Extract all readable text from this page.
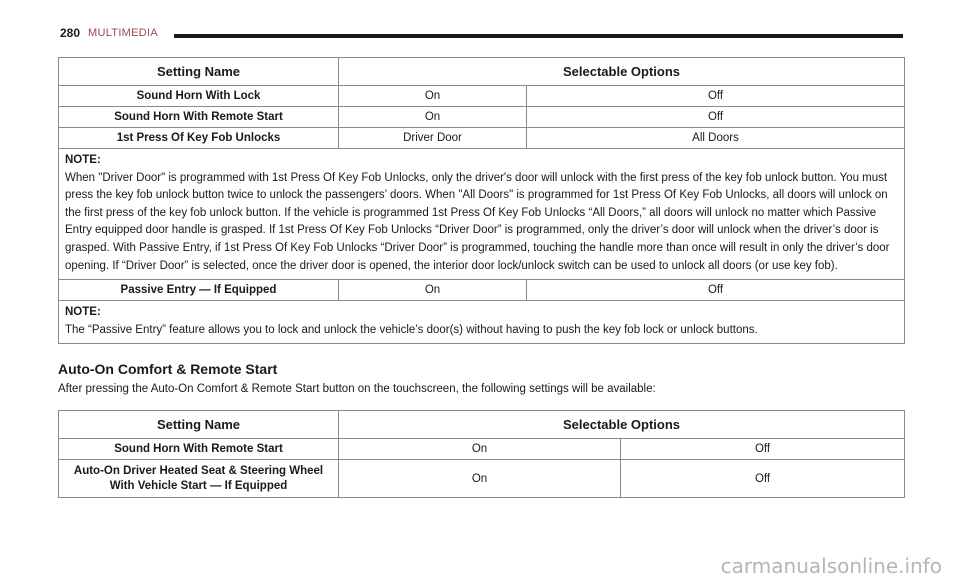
280 MULTIMEDIA
Setting Name	Selectable Options	
Sound Horn With Lock	On	Off
Sound Horn With Remote Start	On	Off
1st Press Of Key Fob Unlocks	Driver Door	All Doors

NOTE:
When "Driver Door" is programmed with 1st Press Of Key Fob Unlocks, only the driver's door will unlock with the first press of the key fob unlock button. You must press the key fob unlock button twice to unlock the passengers’ doors. When "All Doors" is programmed for 1st Press Of Key Fob Unlocks, all doors will unlock on the first press of the key fob unlock button. If the vehicle is programmed 1st Press Of Key Fob Unlocks “All Doors,” all doors will unlock no matter which Passive Entry equipped door handle is grasped. If 1st Press Of Key Fob Unlocks “Driver Door” is programmed, only the driver’s door will unlock when the driver’s door is grasped. With Passive Entry, if 1st Press Of Key Fob Unlocks “Driver Door” is programmed, touching the handle more than once will result in only the driver’s door opening. If “Driver Door” is selected, once the driver door is opened, the interior door lock/unlock switch can be used to unlock all doors (or use key fob).		
Passive Entry — If Equipped	On	Off

NOTE:
The “Passive Entry” feature allows you to lock and unlock the vehicle’s door(s) without having to push the key fob lock or unlock buttons.		
Auto-On Comfort & Remote Start
After pressing the Auto-On Comfort & Remote Start button on the touchscreen, the following settings will be available:
Setting Name	Selectable Options	
Sound Horn With Remote Start	On	Off
Auto-On Driver Heated Seat & Steering Wheel
With Vehicle Start — If Equipped	On	Off
carmanualsonline.info
